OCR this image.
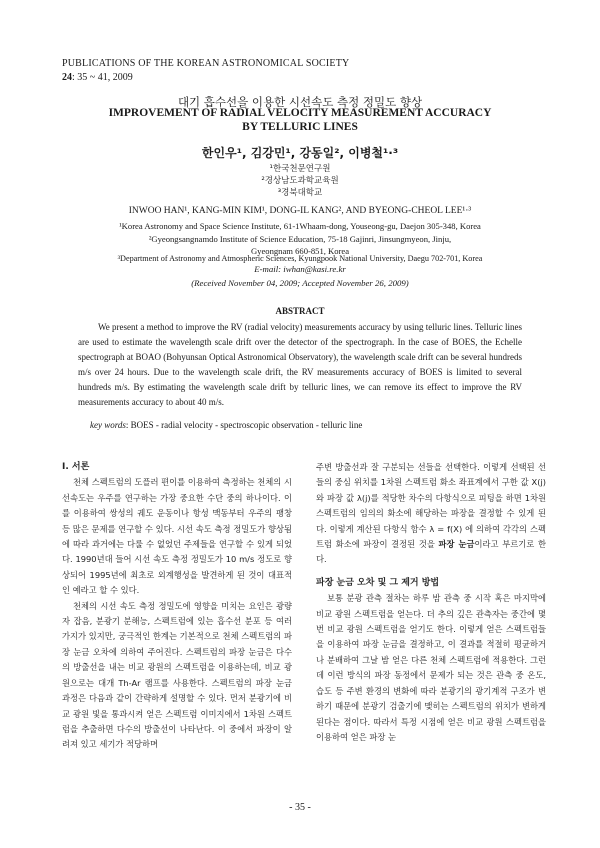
PUBLICATIONS OF THE KOREAN ASTRONOMICAL SOCIETY
24: 35 ~ 41, 2009
대기 흡수선을 이용한 시선속도 측정 정밀도 향상
IMPROVEMENT OF RADIAL VELOCITY MEASUREMENT ACCURACY
BY TELLURIC LINES
한인우¹, 김강민¹, 강동일², 이병철¹·³
¹한국천문연구원
²경상남도과학교육원
³경북대학교
INWOO HAN¹, KANG-MIN KIM¹, DONG-IL KANG², AND BYEONG-CHEOL LEE¹·³
¹Korea Astronomy and Space Science Institute, 61-1Whaam-dong, Youseong-gu, Daejon 305-348, Korea
²Gyeongsangnamdo Institute of Science Education, 75-18 Gajinri, Jinsungmyeon, Jinju,
Gyeongnam 660-851, Korea
³Department of Astronomy and Atmospheric Sciences, Kyungpook National University, Daegu 702-701, Korea
E-mail: iwhan@kasi.re.kr
(Received November 04, 2009; Accepted November 26, 2009)
ABSTRACT
We present a method to improve the RV (radial velocity) measurements accuracy by using telluric lines. Telluric lines are used to estimate the wavelength scale drift over the detector of the spectrograph. In the case of BOES, the Echelle spectrograph at BOAO (Bohyunsan Optical Astronomical Observatory), the wavelength scale drift can be several hundreds m/s over 24 hours. Due to the wavelength scale drift, the RV measurements accuracy of BOES is limited to several hundreds m/s. By estimating the wavelength scale drift by telluric lines, we can remove its effect to improve the RV measurements accuracy to about 40 m/s.
key words: BOES - radial velocity - spectroscopic observation - telluric line

I. 서론

천체 스펙트럼의 도플러 편이를 이용하여 측정하는 천체의 시선속도는 우주를 연구하는 가장 중요한 수단 중의 하나이다. 이를 이용하여 쌍성의 궤도 운동이나 항성 맥동부터 우주의 팽창 등 많은 문제를 연구할 수 있다. 시선 속도 측정 정밀도가 향상됨에 따라 과거에는 다룰 수 없었던 주제들을 연구할 수 있게 되었다. 1990년대 들어 시선 속도 측정 정밀도가 10 m/s 정도로 향상되어 1995년에 최초로 외계행성을 발견하게 된 것이 대표적인 예라고 할 수 있다.

천체의 시선 속도 측정 정밀도에 영향을 미치는 요인은 광량자 잡음, 분광기 분해능, 스펙트럼에 있는 흡수선 분포 등 여러 가지가 있지만, 궁극적인 한계는 기본적으로 천체 스펙트럼의 파장 눈금 오차에 의하여 주어진다. 스펙트럼의 파장 눈금은 다수의 방출선을 내는 비교 광원의 스펙트럼을 이용하는데, 비교 광원으로는 대개 Th-Ar 램프를 사용한다. 스펙트럼의 파장 눈금 과정은 다음과 같이 간략하게 설명할 수 있다. 먼저 분광기에 비교 광원 빛을 통과시켜 얻은 스펙트럼 이미지에서 1차원 스펙트럼을 추출하면 다수의 방출선이 나타난다. 이 중에서 파장이 알려져 있고 세기가 적당하며

주변 방출선과 잘 구분되는 선들을 선택한다. 이렇게 선택된 선들의 중심 위치를 1차원 스펙트럼 화소 좌표계에서 구한 값 X(j)와 파장 값 λ(j)를 적당한 차수의 다항식으로 피팅을 하면 1차원 스펙트럼의 임의의 화소에 해당하는 파장을 결정할 수 있게 된다. 이렇게 계산된 다항식 함수 λ = f(X) 에 의하여 각각의 스펙트럼 화소에 파장이 결정된 것을 파장 눈금이라고 부르기로 한다.

파장 눈금 오차 및 그 제거 방법

보통 분광 관측 절차는 하루 밤 관측 중 시작 혹은 마지막에 비교 광원 스펙트럼을 얻는다. 더 추의 깊은 관측자는 중간에 몇 번 비교 광원 스펙트럼을 얻기도 한다. 이렇게 얻은 스펙트럼들을 이용하여 파장 눈금을 결정하고, 이 결과를 적절히 평균하거나 분배하여 그날 밤 얻은 다른 천체 스펙트럼에 적용한다. 그런데 이런 방식의 파장 동정에서 문제가 되는 것은 관측 중 온도, 습도 등 주변 환경의 변화에 따라 분광기의 광기계적 구조가 변하기 때문에 분광기 검출기에 맺히는 스펙트럼의 위치가 변하게 된다는 점이다. 따라서 특정 시점에 얻은 비교 광원 스펙트럼을 이용하여 얻은 파장 눈

- 35 -
